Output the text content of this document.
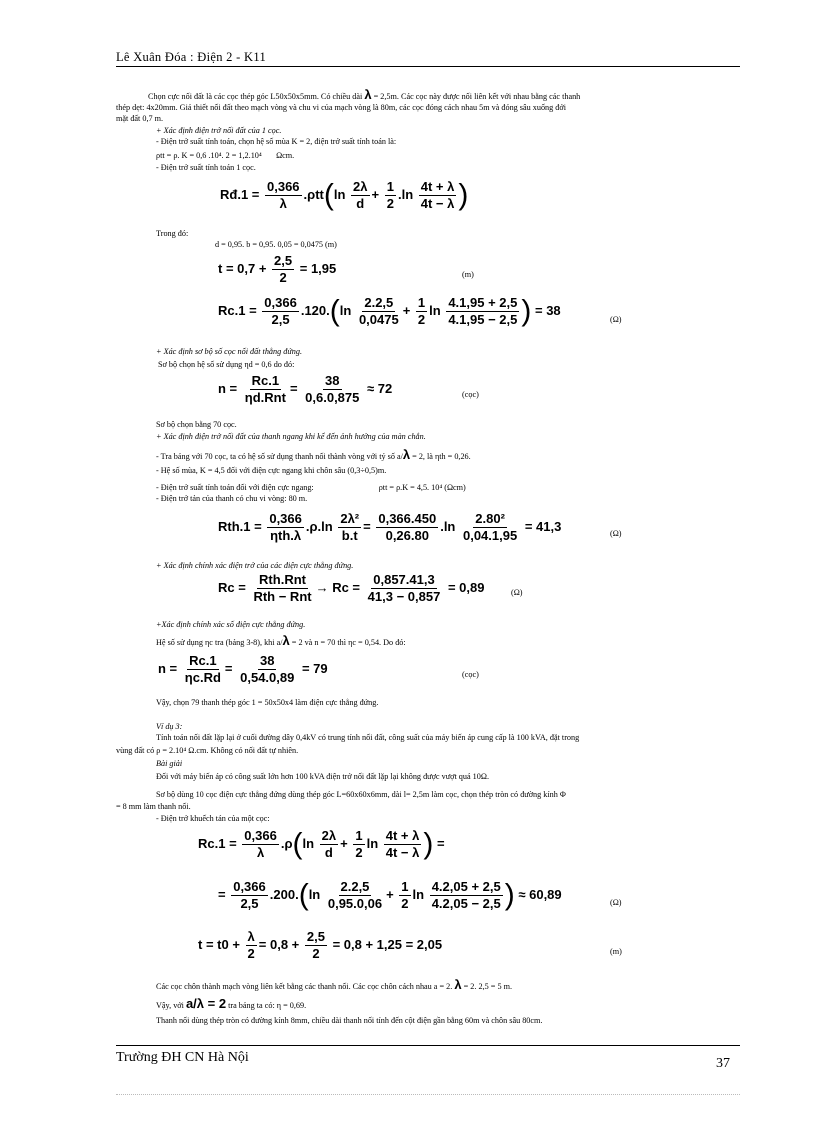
Lê Xuân Đóa : Điện 2 - K11
Chọn cực nối đất là các cọc thép góc L50x50x5mm. Có chiều dài λ = 2,5m. Các cọc này được nối liên kết với nhau bằng các thanh
thép dẹt: 4x20mm. Giả thiết nối đất theo mạch vòng và chu vi của mạch vòng là 80m, các cọc đóng cách nhau 5m và đóng sâu xuống đới
mặt đất 0,7 m.
+ Xác định điện trở nối đất của 1 cọc.
- Điện trở suất tính toán, chọn hệ số mùa K = 2, điện trở suất tính toán là:
ρtt = ρ. K = 0,6 .10⁴. 2 = 1,2.10⁴ Ωcm.
- Điện trở suất tính toán 1 cọc.
Rđ.1 = $\frac{0,366}{\lambda} .\rho tt(\ln \frac{2\lambda}{d} + \frac{1}{2} .\ln \frac{4t + \lambda}{4t - \lambda}$ )
Trong đó:
d = 0,95. b = 0,95. 0,05 = 0,0475 (m)
$t = 0,7 + \frac{2,5}{2} = 1,95$	(m)
$Rc.1 = \frac{0,366}{2,5} .120.(\ln \frac{2.2,5}{0,0475} + \frac{1}{2}$ $\ln \frac{4.1,95 + 2,5}{4.1,95 - 2,5}$ ) = 38
(Ω)
+ Xác định sơ bộ số cọc nối đất thẳng đứng.
Sơ bộ chọn hệ số sử dụng ηd = 0,6 do đó:
$n = \frac{Rc.1}{\text{ηd.Rnt}} = \frac{38}{0,6.0,875} \approx 72$	(cọc)
Sơ bộ chọn bằng 70 cọc.
+ Xác định điện trở nối đất của thanh ngang khi kể đến ảnh hưởng của màn chắn.
- Tra bảng với 70 cọc, ta có hệ số sử dụng thanh nối thành vòng với tỷ số a/λ = 2, là ηth = 0,26.
- Hệ số mùa, K = 4,5 đối với điện cực ngang khi chôn sâu (0,3÷0,5)m.
- Điện trở suất tính toán đối với điện cực ngang:	ρtt = ρ.K = 4,5. 10⁴ (Ωcm)
- Điện trở tản của thanh có chu vi vòng: 80 m.
$Rth.1 = \frac{0,366}{\text{ηth.λ}} .\rho.\ln \frac{\text{2λ²}}{b.t} = \frac{0,366.450}{0,26.80} .\ln \frac{\text{2.80²}}{0,04.1,95} = 41,3$	(Ω)
+ Xác định chính xác điện trở của các điện cực thẳng đứng.
$Rc = \frac{\text{Rth.Rnt}}{\text{Rth − Rnt}} \to Rc = \frac{0,857.41,3}{41,3 - 0,857} = 0,89$	(Ω)
+Xác định chính xác số điện cực thẳng đứng.
Hệ số sử dụng ηc tra (bảng 3-8), khi a/λ = 2 và n = 70 thì ηc = 0,54. Do đó:
$n = \frac{Rc.1}{\eta c.Rd} = \frac{38}{0,54.0,89} = 79$	(cọc)
Vậy, chọn 79 thanh thép góc 1 = 50x50x4 làm điện cực thẳng đứng.
Ví dụ 3:
Tính toán nối đất lặp lại ở cuối đường dây 0,4kV có trung tính nối đất, công suất của máy biến áp cung cấp là 100 kVA, đặt trong
vùng đất có ρ = 2.10⁴ Ω.cm. Không có nối đất tự nhiên.
Bài giải
Đối với máy biến áp có công suất lớn hơn 100 kVA điện trở nối đất lặp lại không được vượt quá 10Ω.
Sơ bộ dùng 10 cọc điện cực thẳng đứng dùng thép góc L=60x60x6mm, dài l= 2,5m làm cọc, chọn thép tròn có đường kính Φ
= 8 mm làm thanh nối.
- Điện trở khuếch tán của một cọc:
$Rc.1 = \frac{0,366}{\lambda} .\rho(\ln \frac{2\lambda}{d} + \frac{1}{2}$ $\ln \frac{4t + \lambda}{4t - \lambda}$ ) =
= $\frac{0,366}{2,5} .200.(\ln \frac{2.2,5}{0,95.0,06} + \frac{1}{2}$ $\ln \frac{4.2,05 + 2,5}{4.2,05 - 2,5}$ ) ≈ 60,89
(Ω)
$t = t0 + \frac{\lambda}{2} = 0,8 + \frac{2,5}{2} = 0,8 + 1,25 = 2,05$	(m)
Các cọc chôn thành mạch vòng liên kết bằng các thanh nối. Các cọc chôn cách nhau a = 2. λ = 2. 2,5 = 5 m.
Vậy, với a/λ = 2 tra bảng ta có: η = 0,69.
Thanh nối dùng thép tròn có đường kính 8mm, chiều dài thanh nối tính đến cột điện gần bằng 60m và chôn sâu 80cm.
Trường ĐH CN Hà Nội	37
